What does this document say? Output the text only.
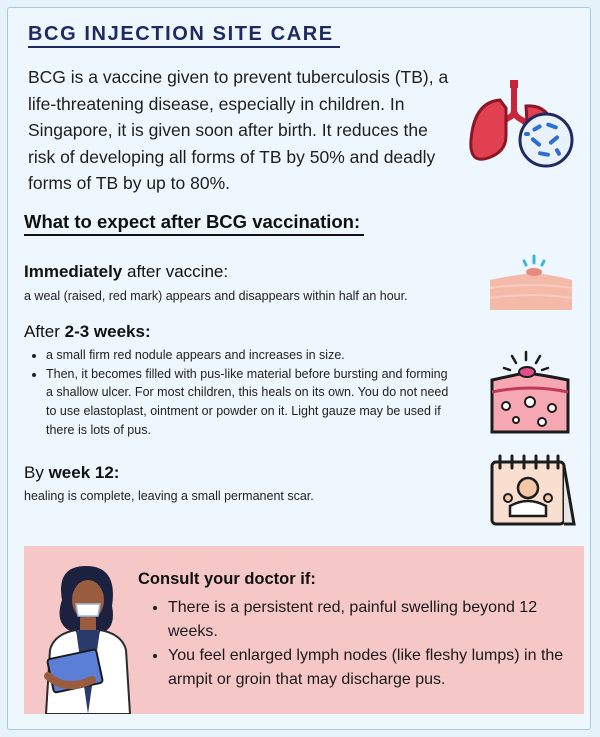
BCG INJECTION SITE CARE
BCG is a vaccine given to prevent tuberculosis (TB), a life-threatening disease, especially in children. In Singapore, it is given soon after birth. It reduces the risk of developing all forms of TB by 50% and deadly forms of TB by up to 80%.
What to expect after BCG vaccination:
Immediately after vaccine:
a weal (raised, red mark) appears and disappears within half an hour.
After 2-3 weeks:
• a small firm red nodule appears and increases in size.
• Then, it becomes filled with pus-like material before bursting and forming a shallow ulcer. For most children, this heals on its own. You do not need to use elastoplast, ointment or powder on it. Light gauze may be used if there is lots of pus.
By week 12:
healing is complete, leaving a small permanent scar.
Consult your doctor if:
• There is a persistent red, painful swelling beyond 12 weeks.
• You feel enlarged lymph nodes (like fleshy lumps) in the armpit or groin that may discharge pus.
